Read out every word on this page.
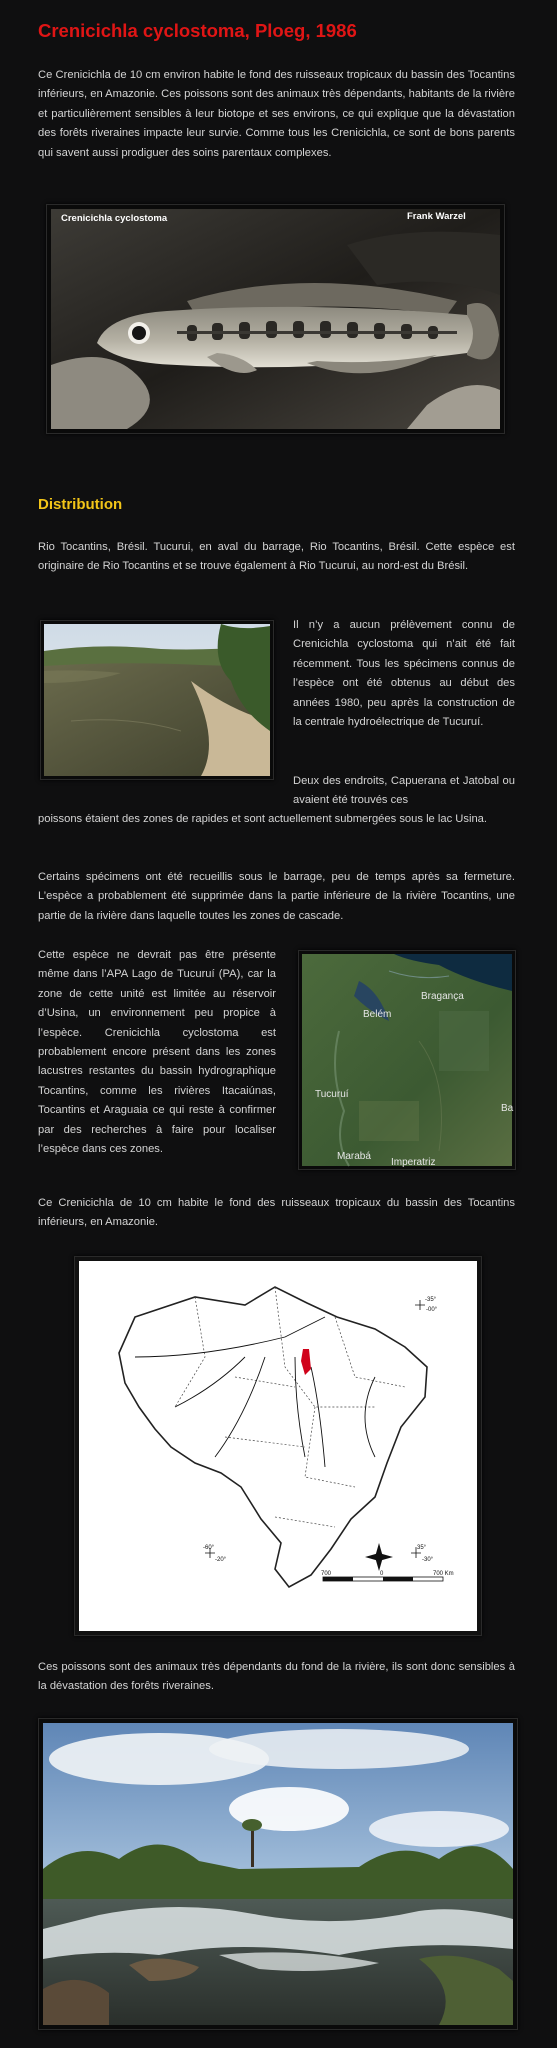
Crenicichla cyclostoma, Ploeg, 1986

Ce Crenicichla de 10 cm environ habite le fond des ruisseaux tropicaux du bassin des Tocantins inférieurs, en Amazonie. Ces poissons sont des animaux très dépendants, habitants de la rivière et particulièrement sensibles à leur biotope et ses environs, ce qui explique que la dévastation des forêts riveraines impacte leur survie. Comme tous les Crenicichla, ce sont de bons parents qui savent aussi prodiguer des soins parentaux complexes.

Crenicichla cyclostoma	Frank Warzel
Distribution

Rio Tocantins, Brésil. Tucurui, en aval du barrage, Rio Tocantins, Brésil. Cette espèce est originaire de Rio Tocantins et se trouve également à Rio Tucurui, au nord-est du Brésil.

Il n’y a aucun prélèvement connu de Crenicichla cyclostoma qui n’ait été fait récemment. Tous les spécimens connus de l’espèce ont été obtenus au début des années 1980, peu après la construction de la centrale hydroélectrique de Tucuruí.

Deux des endroits, Capuerana et Jatobal ou avaient été trouvés ces

poissons étaient des zones de rapides et sont actuellement submergées sous le lac Usina.

Certains spécimens ont été recueillis sous le barrage, peu de temps après sa fermeture. L’espèce a probablement été supprimée dans la partie inférieure de la rivière Tocantins, une partie de la rivière dans laquelle toutes les zones de cascade.

Cette espèce ne devrait pas être présente même dans l’APA Lago de Tucuruí (PA), car la zone de cette unité est limitée au réservoir d’Usina, un environnement peu propice à l’espèce. Crenicichla cyclostoma est probablement encore présent dans les zones lacustres restantes du bassin hydrographique Tocantins, comme les rivières Itacaiúnas, Tocantins et Araguaia ce qui reste à confirmer par des recherches à faire pour localiser l’espèce dans ces zones.

Belém
Bragança
Tucuruí
Ba
Marabá
Imperatriz

Ce Crenicichla de 10 cm habite le fond des ruisseaux tropicaux du bassin des Tocantins inférieurs, en Amazonie.

-35°
-00°
-60°
-20°
-35°
-30°
700	0	700 Km

Ces poissons sont des animaux très dépendants du fond de la rivière, ils sont donc sensibles à la dévastation des forêts riveraines.
